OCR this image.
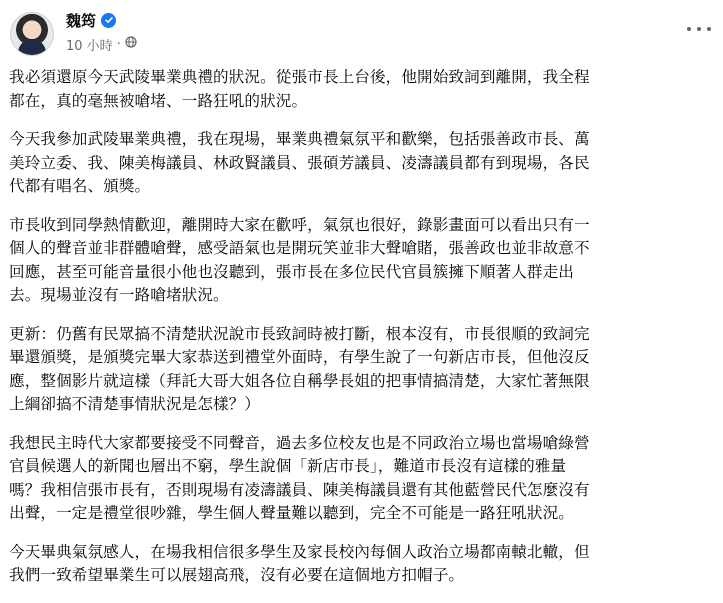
魏筠
10 小時 ·

我必須還原今天武陵畢業典禮的狀況。從張市長上台後，他開始致詞到離開，我全程
都在，真的毫無被嗆堵、一路狂吼的狀況。

今天我參加武陵畢業典禮，我在現場，畢業典禮氣氛平和歡樂，包括張善政市長、萬
美玲立委、我、陳美梅議員、林政賢議員、張碩芳議員、凌濤議員都有到現場，各民
代都有唱名、頒獎。

市長收到同學熱情歡迎，離開時大家在歡呼，氣氛也很好，錄影畫面可以看出只有一
個人的聲音並非群體嗆聲，感受語氣也是開玩笑並非大聲嗆賭，張善政也並非故意不
回應，甚至可能音量很小他也沒聽到，張市長在多位民代官員簇擁下順著人群走出
去。現場並沒有一路嗆堵狀況。

更新：仍舊有民眾搞不清楚狀況說市長致詞時被打斷，根本沒有，市長很順的致詞完
畢還頒獎，是頒獎完畢大家恭送到禮堂外面時，有學生說了一句新店市長，但他沒反
應，整個影片就這樣（拜託大哥大姐各位自稱學長姐的把事情搞清楚，大家忙著無限
上綱卻搞不清楚事情狀況是怎樣？）

我想民主時代大家都要接受不同聲音，過去多位校友也是不同政治立場也當場嗆綠營
官員候選人的新聞也層出不窮，學生說個「新店市長」，難道市長沒有這樣的雅量
嗎？我相信張市長有，否則現場有凌濤議員、陳美梅議員還有其他藍營民代怎麼沒有
出聲，一定是禮堂很吵雜，學生個人聲量難以聽到，完全不可能是一路狂吼狀況。

今天畢典氣氛感人，在場我相信很多學生及家長校內每個人政治立場都南轅北轍，但
我們一致希望畢業生可以展翅高飛，沒有必要在這個地方扣帽子。
